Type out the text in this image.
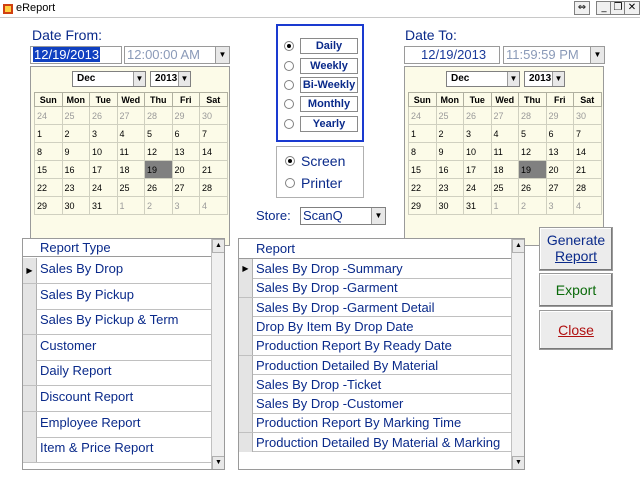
eReport	⇔	_ ❐ ✕
Date From:
12/19/2013	12:00:00 AM	▼
Dec	▼	2013 ▼
Sun	Mon	Tue	Wed	Thu	Fri	Sat
24	25	26	27	28	29	30
1	2	3	4	5	6	7
8	9	10	11	12	13	14
15	16	17	18	19	20	21
22	23	24	25	26	27	28
29	30	31	1	2	3	4
Date To:
12/19/2013	11:59:59 PM	▼
Dec	▼	2013 ▼
Sun	Mon	Tue	Wed	Thu	Fri	Sat
24	25	26	27	28	29	30
1	2	3	4	5	6	7
8	9	10	11	12	13	14
15	16	17	18	19	20	21
22	23	24	25	26	27	28
29	30	31	1	2	3	4
Daily
Weekly
Bi-Weekly
Monthly
Yearly
Screen
Printer
Store: ScanQ	▼
Report Type
▶ Sales By Drop
Sales By Pickup
Sales By Pickup & Term
Customer
Daily Report
Discount Report
Employee Report
Item & Price Report
▲
▼
Report
▶ Sales By Drop -Summary
Sales By Drop -Garment
Sales By Drop -Garment Detail
Drop By Item By Drop Date
Production Report By Ready Date
Production Detailed By Material
Sales By Drop -Ticket
Sales By Drop -Customer
Production Report By Marking Time
Production Detailed By Material & Marking
▲
▼
Generate
Report
Export
Close
